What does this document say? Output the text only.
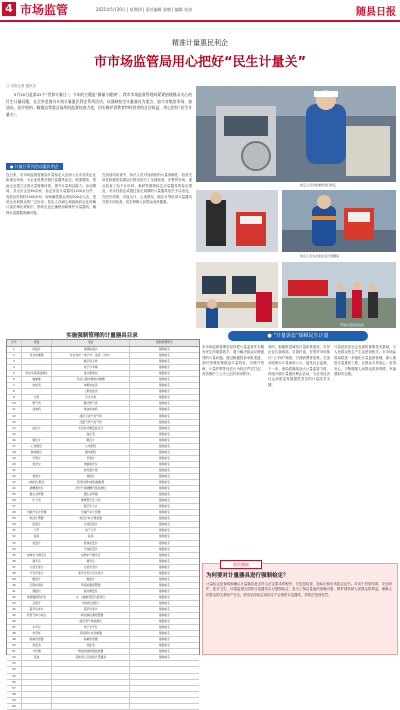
4 市场监管	2021年5月20日 | 星期四 | 责任编辑 张朝 | 编辑 宋涛	随县日报
精准计量惠民利企
市市场监管局用心把好“民生计量关”
□ 本报记者 通讯员
5月20日是第22个“世界计量日”。今年的主题是“测量与健康”。我市市场监督管理局紧紧围绕群众关心的民生计量问题，在全市范围内开展计量惠民利企系列活动，以强制检定计量器具为重点，加大对集贸市场、加油站、医疗机构、眼镜店等重点场所的监督检查力度，切实维护消费者和经营者的合法权益，用心把好“民生计量关”。
● 计量日系列活动惠民利企
连日来，市市场监督管理局计量检定人员深入全市各类企业和重点场所，为企业免费开展计量器具检定、校准服务，帮助企业建立完善计量管理体系，提升计量保证能力。活动期间，共走访企业60余家，检定各类计量器具1200余台件，发放宣传资料3000余份，现场解答群众咨询200余人次，受到企业和群众的广泛好评。检定人员耐心细致地向企业讲解计量法律法规知识，指导企业正确使用和维护计量器具，确保计量数据准确可靠。
在加油站检查中，执法人员对加油机的计量准确性、铅封完好性和税控装置运行情况进行了全面检查。在集贸市场，重点检查了电子计价秤、案秤等强制检定计量器具的检定情况，对未经检定或超过检定周期的计量器具依法予以查处。在医疗机构，对血压计、心电图仪、眼压计等医用计量器具开展专项检查，切实保障人民群众身体健康。
检定人员对加油机进行检定
检定人员为企业检定计量器具
开展计量宣传活动
实施强制管理的计量器具目录
序号	类别	项目	强制管理形式
1	体温计	玻璃体温计	强制检定
2	非自动衡器	非自动秤（电子秤、案秤、台秤）	强制检定
3	数字指示秤	强制检定
4	电子汽车衡	强制检定
5	机动车超速监测仪	雷达测速仪	强制检定
6	轴重衡	动态公路车辆自动衡器	强制检定
7	电能表	单相电能表	强制检定
8	三相电能表	强制检定
9	水表	冷水水表	强制检定
10	燃气表	膜式燃气表	强制检定
11	加油机	燃油加油机	强制检定
12	液化石油气加气机	强制检定
13	压缩天然气加气机	强制检定
14	血压计	无创自动测量血压计	强制检定
15	血压表	强制检定
16	眼压计	眼压计	强制检定
17	心电图仪	心电图仪	强制检定
18	脑电图仪	脑电图仪	强制检定
19	声级计	声级计	强制检定
20	验光仪	电脑验光仪	强制检定
21	验光镜片组	强制检定
22	焦度计	焦度计	强制检定
23	X射线诊断仪	医用诊断X射线辐射源	强制检定
24	酒精测试仪	呼出气体酒精含量检测仪	强制检定
25	烟尘采样器	烟尘采样器	强制检定
26	压力表	弹簧管式压力表	强制检定
27	数字压力计	强制检定
28	出租汽车计价器	出租汽车计价器	强制检定
29	电话计费器	电话计时计费装置	强制检定
30	密度计	石油密度计	强制检定
31	天平	电子天平	强制检定
32	砝码	砝码	强制检定
33	流量计	液体流量计	强制检定
34	气体流量计	强制检定
35	谷物水分测定仪	谷物水分测定仪	强制检定
36	测汞仪	测汞仪	强制检定
37	火焰光度计	火焰光度计	强制检定
38	分光光度计	紫外可见分光光度计	强制检定
39	酸度计	酸度计	强制检定
40	瓦斯检测仪	甲烷检测报警器	强制检定
41	测振仪	振动测量仪	强制检定
42	电离辐射防护仪	X、γ辐射剂量当量率仪	强制检定
43	活度计	放射性活度计	强制检定
44	超声功率计	超声功率计	强制检定
45	有害气体分析仪	一氧化碳检测报警器	强制检定
46	硫化氢气体检测仪	强制检定
47	水平仪	电子水平仪	强制检定
48	皮带秤	连续累计自动衡器	强制检定
49	称重传感器	称重传感器	强制检定
50	热量表	热能表	强制检定
51	计价器	燃油加油机税控装置	强制检定
52	其他	其他列入目录的计量器具	强制检定
53
54
55
56
57
58
59
60
● “计量诉讼”保障民生计量
市市场监督管理局坚持把计量监管作为服务民生的重要抓手，着力解决群众反映强烈的计量问题。通过畅通投诉举报渠道，及时受理处理群众计量投诉，对缺斤短两、计量作弊等违法行为依法严厉打击，有效维护了公平公正的市场秩序。
同时，积极推进诚信计量体系建设，引导企业自我承诺、自我约束，在集贸市场推行“公平秤”制度，方便消费者复核；在加油站推行计量承诺公示，接受社会监督。下一步，该局将继续加大计量监管力度，持续开展计量惠民利企活动，为全市经济社会高质量发展提供坚实的计量技术支撑。
计量是经济社会发展的重要技术基础，与人民群众的生产生活密切相关。市市场监管局将进一步强化计量监督管理，深入推进计量惠民工程，让群众买得放心、用得安心，不断增强人民群众的获得感、幸福感和安全感。
相关链接
为何要对计量器具进行强制检定？
计量检定是查明和确认计量器具是否符合法定要求的程序，它包括检查、加标记和出具检定证书。对用于贸易结算、安全防护、医疗卫生、环境监测方面的计量器具实行强制检定，是为了保证量值的准确可靠，维护国家和人民群众的利益，保障人民群众的生命财产安全。使用未经检定或检定不合格的计量器具，将依法受到处罚。
